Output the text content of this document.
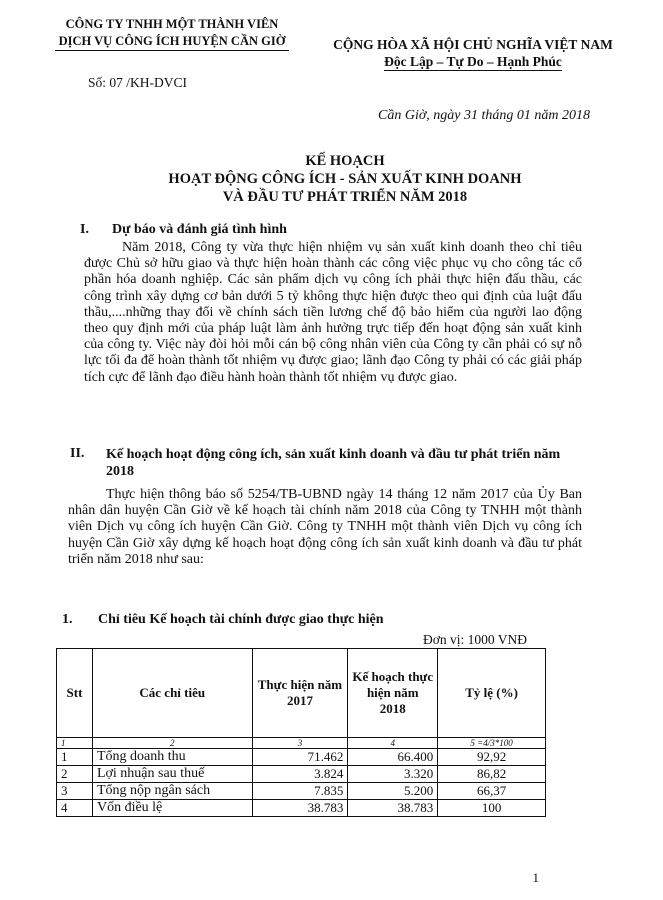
CÔNG TY TNHH MỘT THÀNH VIÊN
DỊCH VỤ CÔNG ÍCH HUYỆN CẦN GIỜ
Số: 07 /KH-DVCI
CỘNG HÒA XÃ HỘI CHỦ NGHĨA VIỆT NAM
Độc Lập – Tự Do – Hạnh Phúc
Cần Giờ, ngày 31 tháng 01 năm 2018
KẾ HOẠCH
HOẠT ĐỘNG CÔNG ÍCH - SẢN XUẤT KINH DOANH
VÀ ĐẦU TƯ PHÁT TRIỂN NĂM 2018
I. Dự báo và đánh giá tình hình
Năm 2018, Công ty vừa thực hiện nhiệm vụ sản xuất kinh doanh theo chỉ tiêu được Chủ sở hữu giao và thực hiện hoàn thành các công việc phục vụ cho công tác cổ phần hóa doanh nghiệp. Các sản phẩm dịch vụ công ích phải thực hiện đấu thầu, các công trình xây dựng cơ bản dưới 5 tỷ không thực hiện được theo qui định của luật đấu thầu,....những thay đổi về chính sách tiền lương chế độ bảo hiểm của người lao động theo quy định mới của pháp luật làm ảnh hưởng trực tiếp đến hoạt động sản xuất kinh của công ty. Việc này đòi hỏi mỗi cán bộ công nhân viên của Công ty cần phải có sự nỗ lực tối đa để hoàn thành tốt nhiệm vụ được giao; lãnh đạo Công ty phải có các giải pháp tích cực để lãnh đạo điều hành hoàn thành tốt nhiệm vụ được giao.
II. Kế hoạch hoạt động công ích, sản xuất kinh doanh và đầu tư phát triển năm 2018
Thực hiện thông báo số 5254/TB-UBND ngày 14 tháng 12 năm 2017 của Ủy Ban nhân dân huyện Cần Giờ về kế hoạch tài chính năm 2018 của Công ty TNHH một thành viên Dịch vụ công ích huyện Cần Giờ. Công ty TNHH một thành viên Dịch vụ công ích huyện Cần Giờ xây dựng kế hoạch hoạt động công ích sản xuất kinh doanh và đầu tư phát triển năm 2018 như sau:
1. Chỉ tiêu Kế hoạch tài chính được giao thực hiện
Đơn vị: 1000 VNĐ
Stt	Các chỉ tiêu	Thực hiện năm 2017	Kế hoạch thực hiện năm 2018	Tỷ lệ (%)
1	2	3	4	5 =4/3*100
1	Tổng doanh thu	71.462	66.400	92,92
2	Lợi nhuận sau thuế	3.824	3.320	86,82
3	Tổng nộp ngân sách	7.835	5.200	66,37
4	Vốn điều lệ	38.783	38.783	100
1
